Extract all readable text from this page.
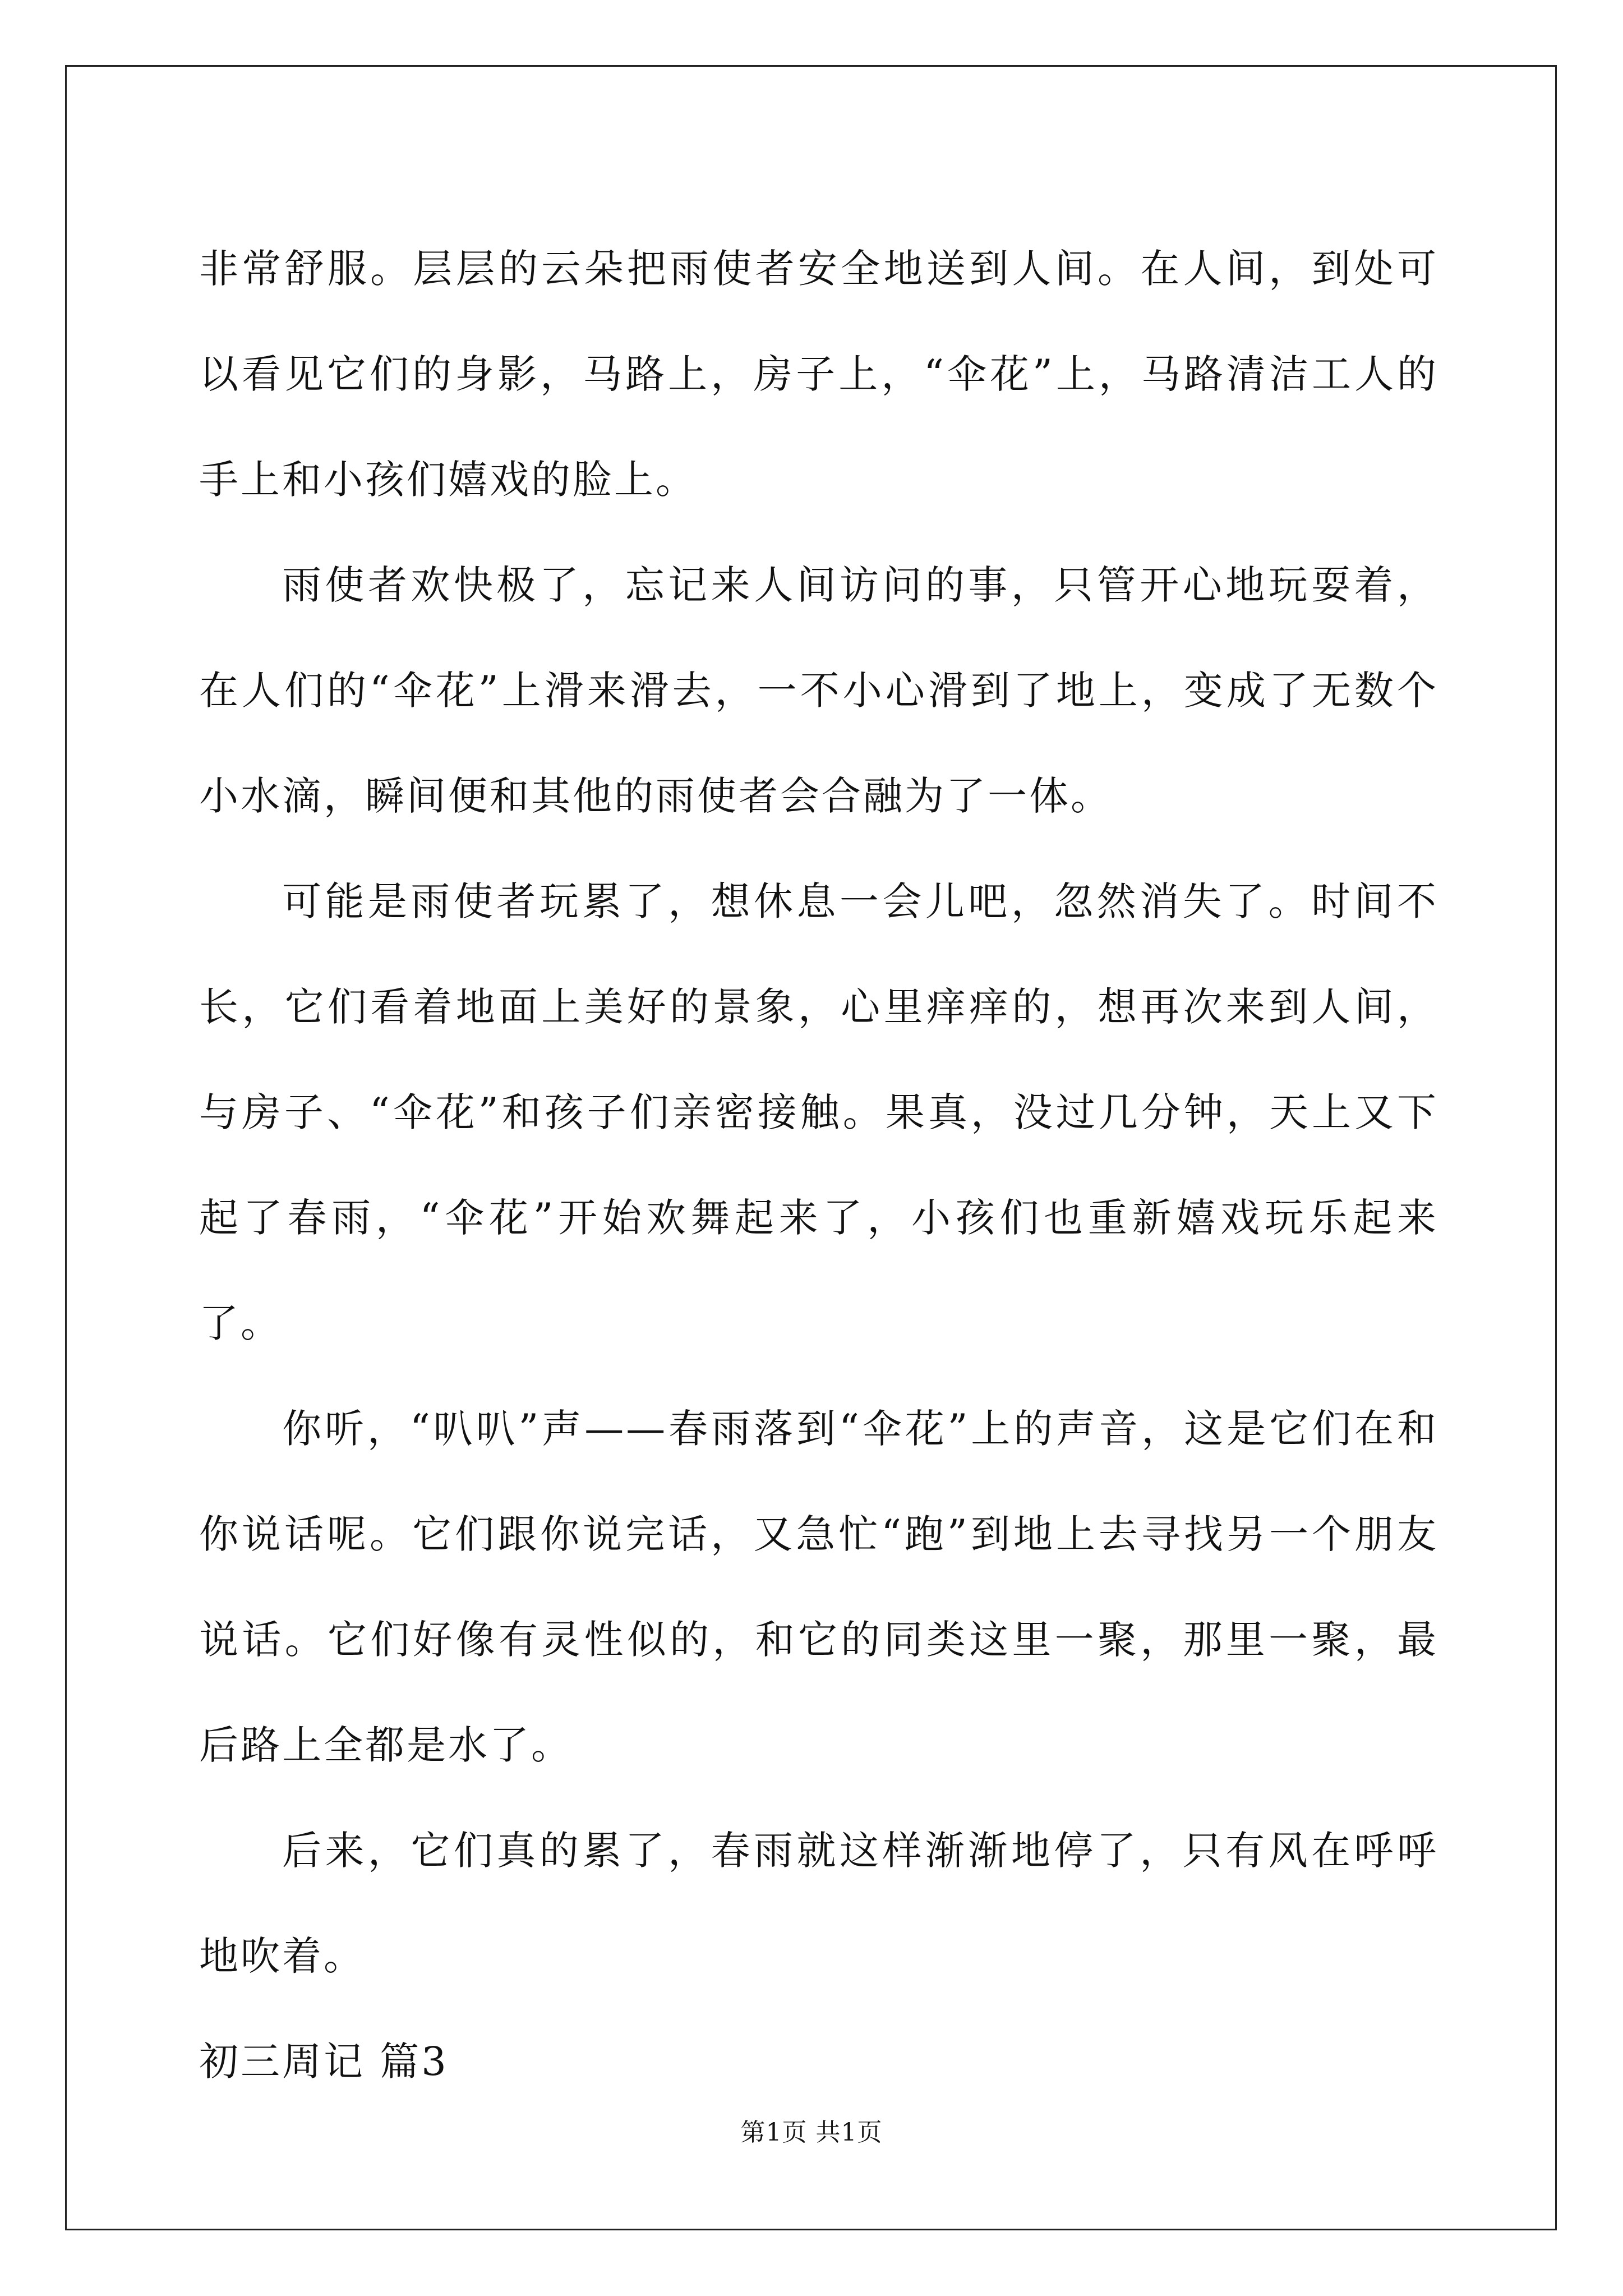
非常舒服。层层的云朵把雨使者安全地送到人间。在人间，到处可以看见它们的身影，马路上，房子上，“伞花”上，马路清洁工人的手上和小孩们嬉戏的脸上。

雨使者欢快极了，忘记来人间访问的事，只管开心地玩耍着，在人们的“伞花”上滑来滑去，一不小心滑到了地上，变成了无数个小水滴，瞬间便和其他的雨使者会合融为了一体。

可能是雨使者玩累了，想休息一会儿吧，忽然消失了。时间不长，它们看着地面上美好的景象，心里痒痒的，想再次来到人间，与房子、“伞花”和孩子们亲密接触。果真，没过几分钟，天上又下起了春雨，“伞花”开始欢舞起来了，小孩们也重新嬉戏玩乐起来了。

你听，“叭叭”声——春雨落到“伞花”上的声音，这是它们在和你说话呢。它们跟你说完话，又急忙“跑”到地上去寻找另一个朋友说话。它们好像有灵性似的，和它的同类这里一聚，那里一聚，最后路上全都是水了。

后来，它们真的累了，春雨就这样渐渐地停了，只有风在呼呼地吹着。

初三周记 篇3

第1页 共1页
